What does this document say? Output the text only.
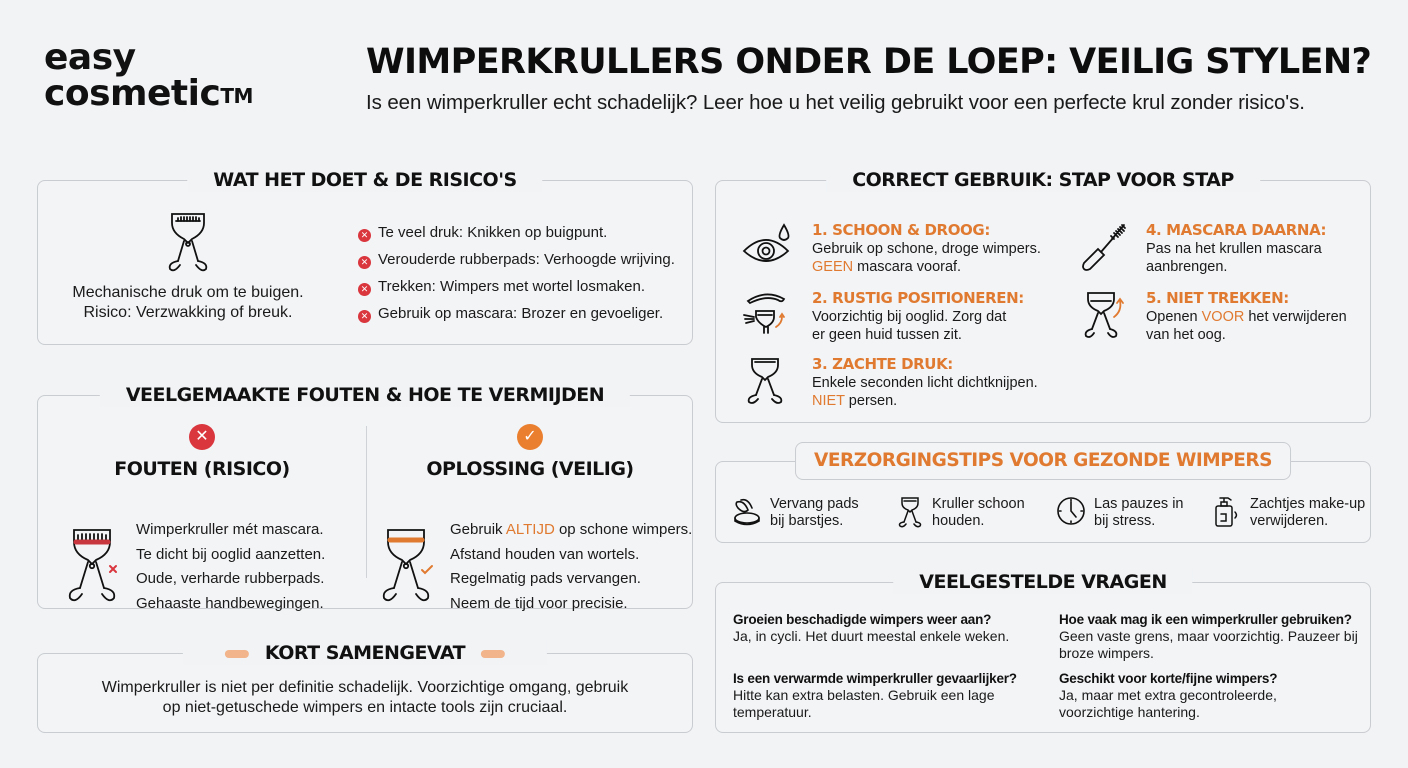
easy
cosmetic™
WIMPERKRULLERS ONDER DE LOEP: VEILIG STYLEN?

Is een wimperkruller echt schadelijk? Leer hoe u het veilig gebruikt voor een perfecte krul zonder risico's.

WAT HET DOET & DE RISICO'S

Mechanische druk om te buigen.

Risico: Verzwakking of breuk.

✕ Te veel druk: Knikken op buigpunt.
✕ Verouderde rubberpads: Verhoogde wrijving.
✕ Trekken: Wimpers met wortel losmaken.
✕ Gebruik op mascara: Brozer en gevoeliger.
VEELGEMAAKTE FOUTEN & HOE TE VERMIJDEN
✕
FOUTEN (RISICO)
Wimperkruller mét mascara.
Te dicht bij ooglid aanzetten.
Oude, verharde rubberpads.
Gehaaste handbewegingen.
✓
OPLOSSING (VEILIG)
Gebruik ALTIJD op schone wimpers.
Afstand houden van wortels.
Regelmatig pads vervangen.
Neem de tijd voor precisie.
KORT SAMENGEVAT

Wimperkruller is niet per definitie schadelijk. Voorzichtige omgang, gebruik

op niet-getuschede wimpers en intacte tools zijn cruciaal.

CORRECT GEBRUIK: STAP VOOR STAP
1. SCHOON & DROOG:

Gebruik op schone, droge wimpers.

GEEN mascara vooraf.

2. RUSTIG POSITIONEREN:

Voorzichtig bij ooglid. Zorg dat

er geen huid tussen zit.

3. ZACHTE DRUK:

Enkele seconden licht dichtknijpen.

NIET persen.

4. MASCARA DAARNA:

Pas na het krullen mascara

aanbrengen.

5. NIET TREKKEN:

Openen VOOR het verwijderen

van het oog.

VERZORGINGSTIPS VOOR GEZONDE WIMPERS
Vervang pads
bij barstjes.
Kruller schoon
houden.
Las pauzes in
bij stress.
Zachtjes make-up
verwijderen.
VEELGESTELDE VRAGEN
Groeien beschadigde wimpers weer aan?

Ja, in cycli. Het duurt meestal enkele weken.

Hoe vaak mag ik een wimperkruller gebruiken?

Geen vaste grens, maar voorzichtig. Pauzeer bij broze wimpers.

Is een verwarmde wimperkruller gevaarlijker?

Hitte kan extra belasten. Gebruik een lage temperatuur.

Geschikt voor korte/fijne wimpers?

Ja, maar met extra gecontroleerde, voorzichtige hantering.
